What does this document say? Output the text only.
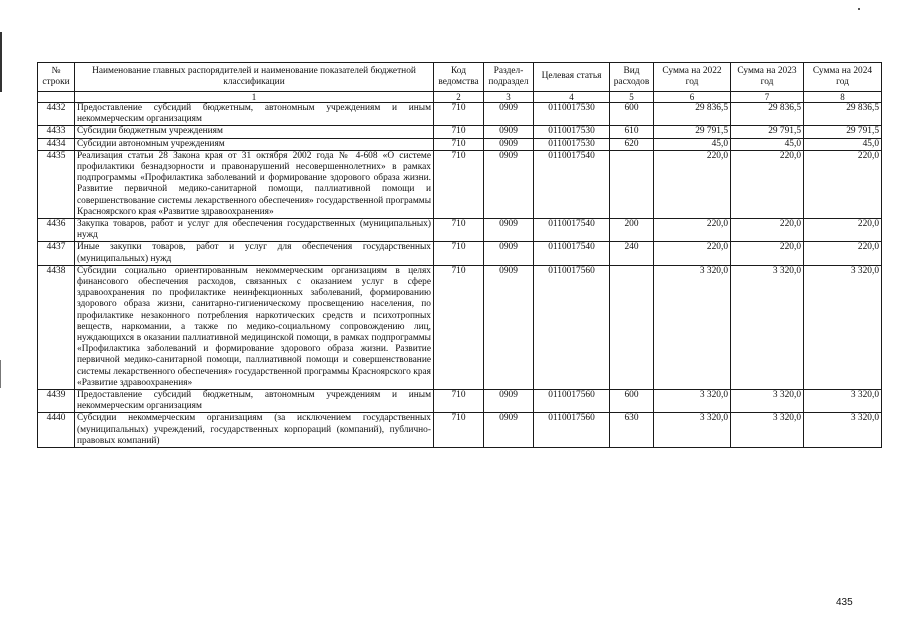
№ строки	Наименование главных распорядителей и наименование показателей бюджетной классификации	Код ведомства	Раздел-подраздел	Целевая статья	Вид расходов	Сумма на 2022 год	Сумма на 2023 год	Сумма на 2024 год
	1	2	3	4	5	6	7	8
4432	Предоставление субсидий бюджетным, автономным учреждениям и иным некоммерческим организациям	710	0909	0110017530	600	29 836,5	29 836,5	29 836,5
4433	Субсидии бюджетным учреждениям	710	0909	0110017530	610	29 791,5	29 791,5	29 791,5
4434	Субсидии автономным учреждениям	710	0909	0110017530	620	45,0	45,0	45,0
4435	Реализация статьи 28 Закона края от 31 октября 2002 года № 4-608 «О системе профилактики безнадзорности и правонарушений несовершеннолетних» в рамках подпрограммы «Профилактика заболеваний и формирование здорового образа жизни. Развитие первичной медико-санитарной помощи, паллиативной помощи и совершенствование системы лекарственного обеспечения» государственной программы Красноярского края «Развитие здравоохранения»	710	0909	0110017540		220,0	220,0	220,0
4436	Закупка товаров, работ и услуг для обеспечения государственных (муниципальных) нужд	710	0909	0110017540	200	220,0	220,0	220,0
4437	Иные закупки товаров, работ и услуг для обеспечения государственных (муниципальных) нужд	710	0909	0110017540	240	220,0	220,0	220,0
4438	Субсидии социально ориентированным некоммерческим организациям в целях финансового обеспечения расходов, связанных с оказанием услуг в сфере здравоохранения по профилактике неинфекционных заболеваний, формированию здорового образа жизни, санитарно-гигиеническому просвещению населения, по профилактике незаконного потребления наркотических средств и психотропных веществ, наркомании, а также по медико-социальному сопровождению лиц, нуждающихся в оказании паллиативной медицинской помощи, в рамках подпрограммы «Профилактика заболеваний и формирование здорового образа жизни. Развитие первичной медико-санитарной помощи, паллиативной помощи и совершенствование системы лекарственного обеспечения» государственной программы Красноярского края «Развитие здравоохранения»	710	0909	0110017560		3 320,0	3 320,0	3 320,0
4439	Предоставление субсидий бюджетным, автономным учреждениям и иным некоммерческим организациям	710	0909	0110017560	600	3 320,0	3 320,0	3 320,0
4440	Субсидии некоммерческим организациям (за исключением государственных (муниципальных) учреждений, государственных корпораций (компаний), публично-правовых компаний)	710	0909	0110017560	630	3 320,0	3 320,0	3 320,0
435
